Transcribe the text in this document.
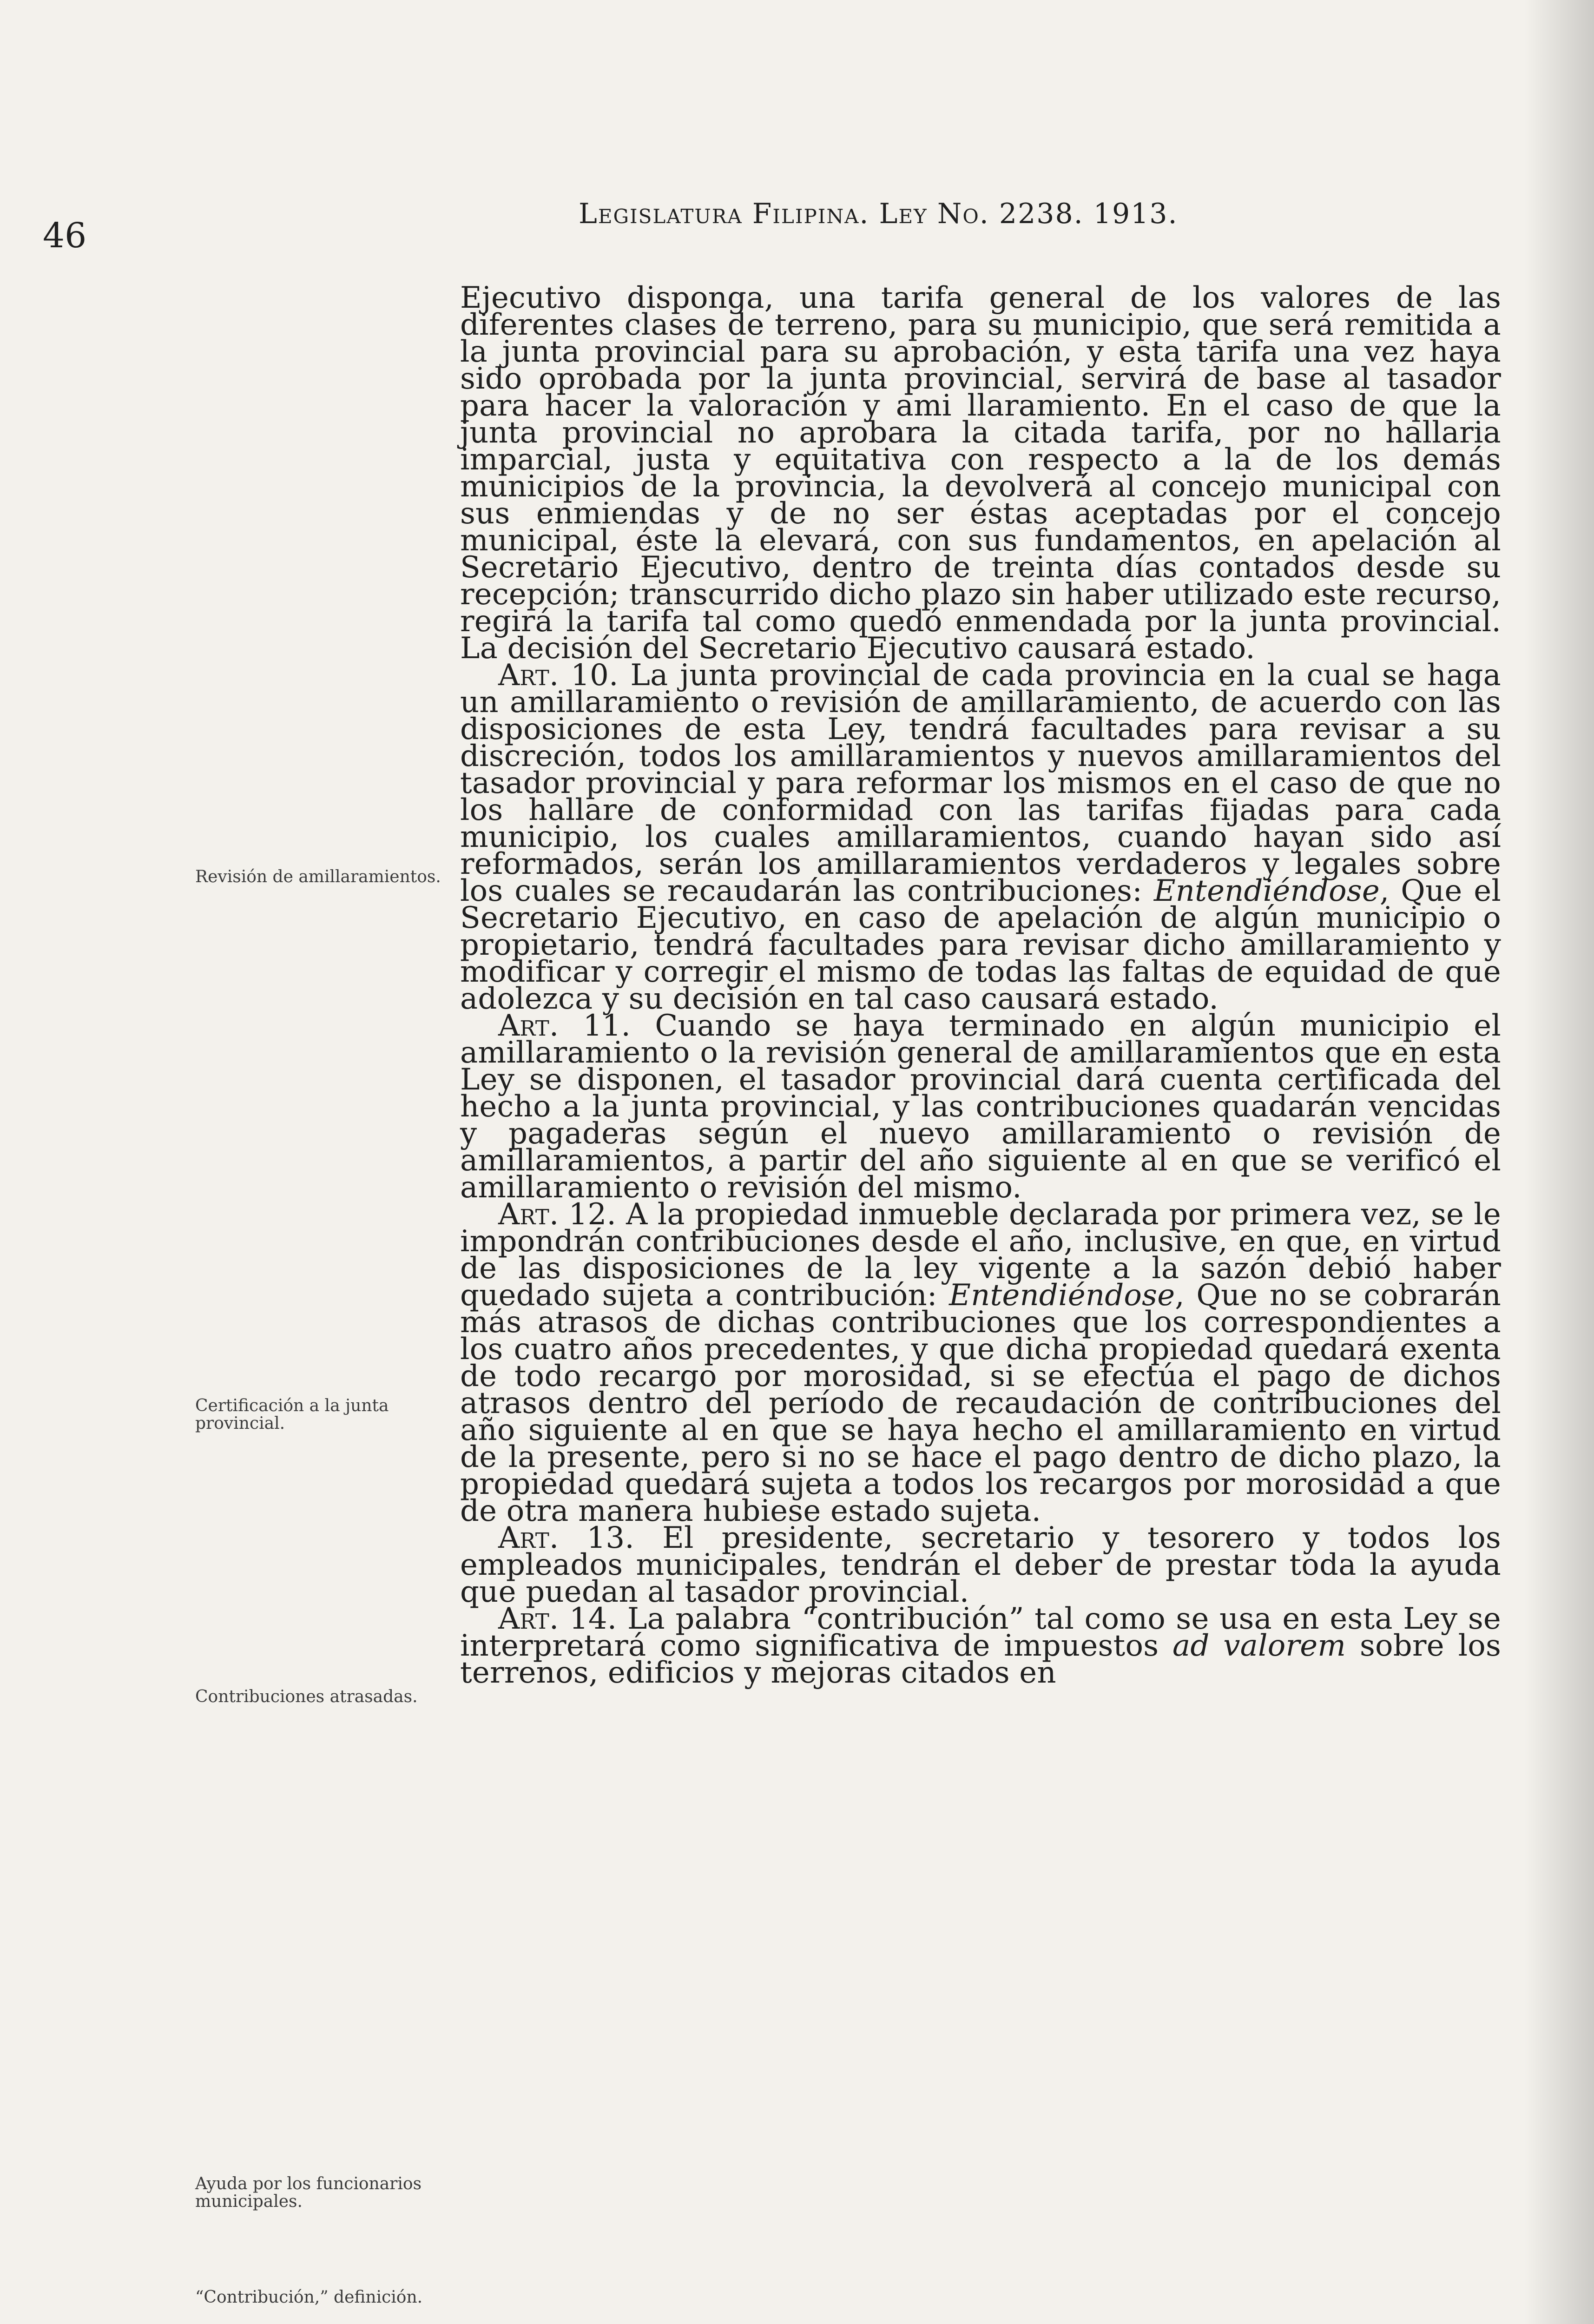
46
Legislatura Filipina. Ley No. 2238. 1913.
Revisión de amillaramientos.
Certificación a la junta provincial.
Contribuciones atrasadas.
Ayuda por los funcionarios municipales.
“Contribución,” definición.

Ejecutivo disponga, una tarifa general de los valores de las diferentes clases de terreno, para su municipio, que será remitida a la junta provincial para su aprobación, y esta tarifa una vez haya sido oprobada por la junta provincial, servirá de base al tasador para hacer la valoración y ami llaramiento. En el caso de que la junta provincial no aprobara la citada tarifa, por no hallaria imparcial, justa y equitativa con respecto a la de los demás municipios de la provincia, la devolverá al concejo municipal con sus enmiendas y de no ser éstas aceptadas por el concejo municipal, éste la elevará, con sus fundamentos, en apelación al Secretario Ejecutivo, dentro de treinta días contados desde su recepción; transcurrido dicho plazo sin haber utilizado este recurso, regirá la tarifa tal como quedó enmendada por la junta provincial. La decisión del Secretario Ejecutivo causará estado.

Art. 10. La junta provincial de cada provincia en la cual se haga un amillaramiento o revisión de amillaramiento, de acuerdo con las disposiciones de esta Ley, tendrá facultades para revisar a su discreción, todos los amillaramientos y nuevos amillaramientos del tasador provincial y para reformar los mismos en el caso de que no los hallare de conformidad con las tarifas fijadas para cada municipio, los cuales amillaramientos, cuando hayan sido así reformados, serán los amillaramientos verdaderos y legales sobre los cuales se recaudarán las contribuciones: Entendiéndose, Que el Secretario Ejecutivo, en caso de apelación de algún municipio o propietario, tendrá facultades para revisar dicho amillaramiento y modificar y corregir el mismo de todas las faltas de equidad de que adolezca y su decisión en tal caso causará estado.

Art. 11. Cuando se haya terminado en algún municipio el amillaramiento o la revisión general de amillaramientos que en esta Ley se disponen, el tasador provincial dará cuenta certificada del hecho a la junta provincial, y las contribuciones quadarán vencidas y pagaderas según el nuevo amillaramiento o revisión de amillaramientos, a partir del año siguiente al en que se verificó el amillaramiento o revisión del mismo.

Art. 12. A la propiedad inmueble declarada por primera vez, se le impondrán contribuciones desde el año, inclusive, en que, en virtud de las disposiciones de la ley vigente a la sazón debió haber quedado sujeta a contribución: Entendiéndose, Que no se cobrarán más atrasos de dichas contribuciones que los correspondientes a los cuatro años precedentes, y que dicha propiedad quedará exenta de todo recargo por morosidad, si se efectúa el pago de dichos atrasos dentro del período de recaudación de contribuciones del año siguiente al en que se haya hecho el amillaramiento en virtud de la presente, pero si no se hace el pago dentro de dicho plazo, la propiedad quedará sujeta a todos los recargos por morosidad a que de otra manera hubiese estado sujeta.

Art. 13. El presidente, secretario y tesorero y todos los empleados municipales, tendrán el deber de prestar toda la ayuda que puedan al tasador provincial.

Art. 14. La palabra “contribución” tal como se usa en esta Ley se interpretará como significativa de impuestos ad valorem sobre los terrenos, edificios y mejoras citados en
